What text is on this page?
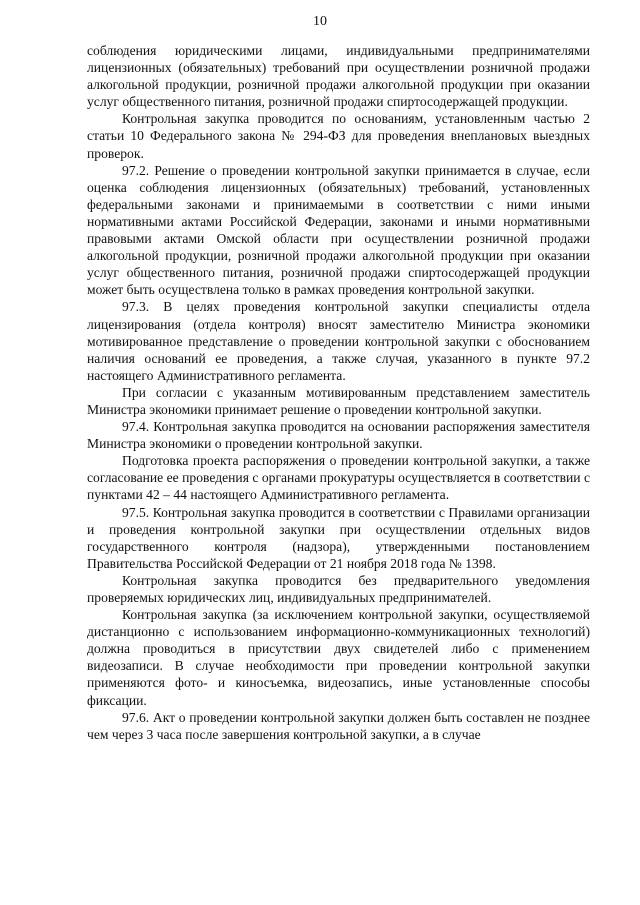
10

соблюдения юридическими лицами, индивидуальными предпринимателями лицензионных (обязательных) требований при осуществлении розничной продажи алкогольной продукции, розничной продажи алкогольной продукции при оказании услуг общественного питания, розничной продажи спиртосодержащей продукции.

Контрольная закупка проводится по основаниям, установленным частью 2 статьи 10 Федерального закона № 294-ФЗ для проведения внеплановых выездных проверок.

97.2. Решение о проведении контрольной закупки принимается в случае, если оценка соблюдения лицензионных (обязательных) требований, установленных федеральными законами и принимаемыми в соответствии с ними иными нормативными актами Российской Федерации, законами и иными нормативными правовыми актами Омской области при осуществлении розничной продажи алкогольной продукции, розничной продажи алкогольной продукции при оказании услуг общественного питания, розничной продажи спиртосодержащей продукции может быть осуществлена только в рамках проведения контрольной закупки.

97.3. В целях проведения контрольной закупки специалисты отдела лицензирования (отдела контроля) вносят заместителю Министра экономики мотивированное представление о проведении контрольной закупки с обоснованием наличия оснований ее проведения, а также случая, указанного в пункте 97.2 настоящего Административного регламента.

При согласии с указанным мотивированным представлением заместитель Министра экономики принимает решение о проведении контрольной закупки.

97.4. Контрольная закупка проводится на основании распоряжения заместителя Министра экономики о проведении контрольной закупки.

Подготовка проекта распоряжения о проведении контрольной закупки, а также согласование ее проведения с органами прокуратуры осуществляется в соответствии с пунктами 42 – 44 настоящего Административного регламента.

97.5. Контрольная закупка проводится в соответствии с Правилами организации и проведения контрольной закупки при осуществлении отдельных видов государственного контроля (надзора), утвержденными постановлением Правительства Российской Федерации от 21 ноября 2018 года № 1398.

Контрольная закупка проводится без предварительного уведомления проверяемых юридических лиц, индивидуальных предпринимателей.

Контрольная закупка (за исключением контрольной закупки, осуществляемой дистанционно с использованием информационно-коммуникационных технологий) должна проводиться в присутствии двух свидетелей либо с применением видеозаписи. В случае необходимости при проведении контрольной закупки применяются фото- и киносъемка, видеозапись, иные установленные способы фиксации.

97.6. Акт о проведении контрольной закупки должен быть составлен не позднее чем через 3 часа после завершения контрольной закупки, а в случае
